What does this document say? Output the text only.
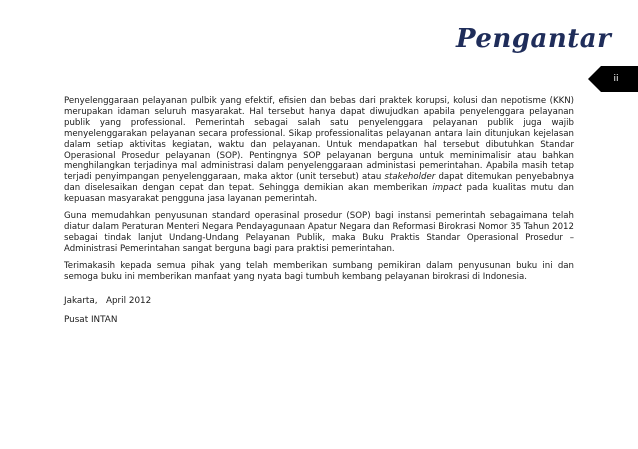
Pengantar
ii

Penyelenggaraan pelayanan pulbik yang efektif, efisien dan bebas dari praktek korupsi, kolusi dan nepotisme (KKN) merupakan idaman seluruh masyarakat. Hal tersebut hanya dapat diwujudkan apabila penyelenggara pelayanan publik yang professional. Pemerintah sebagai salah satu penyelenggara pelayanan publik juga wajib menyelenggarakan pelayanan secara professional. Sikap professionalitas pelayanan antara lain ditunjukan kejelasan dalam setiap aktivitas kegiatan, waktu dan pelayanan. Untuk mendapatkan hal tersebut dibutuhkan Standar Operasional Prosedur pelayanan (SOP). Pentingnya SOP pelayanan berguna untuk meminimalisir atau bahkan menghilangkan terjadinya mal administrasi dalam penyelenggaraan administasi pemerintahan. Apabila masih tetap terjadi penyimpangan penyelenggaraan, maka aktor (unit tersebut) atau stakeholder dapat ditemukan penyebabnya dan diselesaikan dengan cepat dan tepat. Sehingga demikian akan memberikan impact pada kualitas mutu dan kepuasan masyarakat pengguna jasa layanan pemerintah.

Guna memudahkan penyusunan standard operasinal prosedur (SOP) bagi instansi pemerintah sebagaimana telah diatur dalam Peraturan Menteri Negara Pendayagunaan Apatur Negara dan Reformasi Birokrasi Nomor 35 Tahun 2012 sebagai tindak lanjut Undang-Undang Pelayanan Publik, maka Buku Praktis Standar Operasional Prosedur – Administrasi Pemerintahan sangat berguna bagi para praktisi pemerintahan.

Terimakasih kepada semua pihak yang telah memberikan sumbang pemikiran dalam penyusunan buku ini dan semoga buku ini memberikan manfaat yang nyata bagi tumbuh kembang pelayanan birokrasi di Indonesia.

Jakarta,   April 2012
Pusat INTAN
